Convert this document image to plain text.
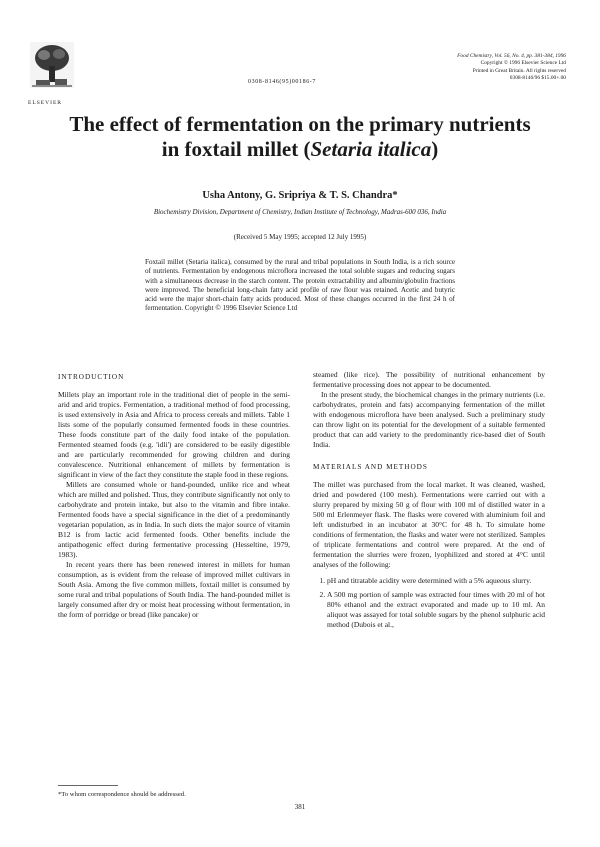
ELSEVIER
0308-8146(95)00186-7
Food Chemistry, Vol. 56, No. 4, pp. 381-384, 1996
Copyright © 1996 Elsevier Science Ltd
Printed in Great Britain. All rights reserved
0308-8146/96 $15.00+.00
The effect of fermentation on the primary nutrients in foxtail millet (Setaria italica)
Usha Antony, G. Sripriya & T. S. Chandra*
Biochemistry Division, Department of Chemistry, Indian Institute of Technology, Madras-600 036, India
(Received 5 May 1995; accepted 12 July 1995)
Foxtail millet (Setaria italica), consumed by the rural and tribal populations in South India, is a rich source of nutrients. Fermentation by endogenous microflora increased the total soluble sugars and reducing sugars with a simultaneous decrease in the starch content. The protein extractability and albumin/globulin fractions were improved. The beneficial long-chain fatty acid profile of raw flour was retained. Acetic and butyric acid were the major short-chain fatty acids produced. Most of these changes occurred in the first 24 h of fermentation. Copyright © 1996 Elsevier Science Ltd
INTRODUCTION

Millets play an important role in the traditional diet of people in the semi-arid and arid tropics. Fermentation, a traditional method of food processing, is used extensively in Asia and Africa to process cereals and millets. Table 1 lists some of the popularly consumed fermented foods in these countries. These foods constitute part of the daily food intake of the population. Fermented steamed foods (e.g. 'idli') are considered to be easily digestible and are particularly recommended for growing children and during convalescence. Nutritional enhancement of millets by fermentation is significant in view of the fact they constitute the staple food in these regions.

Millets are consumed whole or hand-pounded, unlike rice and wheat which are milled and polished. Thus, they contribute significantly not only to carbohydrate and protein intake, but also to the vitamin and fibre intake. Fermented foods have a special significance in the diet of a predominantly vegetarian population, as in India. In such diets the major source of vitamin B12 is from lactic acid fermented foods. Other benefits include the antipathogenic effect during fermentative processing (Hesseltine, 1979, 1983).

In recent years there has been renewed interest in millets for human consumption, as is evident from the release of improved millet cultivars in South Asia. Among the five common millets, foxtail millet is consumed by some rural and tribal populations of South India. The hand-pounded millet is largely consumed after dry or moist heat processing without fermentation, in the form of porridge or bread (like pancake) or

*To whom correspondence should be addressed.

steamed (like rice). The possibility of nutritional enhancement by fermentative processing does not appear to be documented.

In the present study, the biochemical changes in the primary nutrients (i.e. carbohydrates, protein and fats) accompanying fermentation of the millet with endogenous microflora have been analysed. Such a preliminary study can throw light on its potential for the development of a suitable fermented product that can add variety to the predominantly rice-based diet of South India.

MATERIALS AND METHODS

The millet was purchased from the local market. It was cleaned, washed, dried and powdered (100 mesh). Fermentations were carried out with a slurry prepared by mixing 50 g of flour with 100 ml of distilled water in a 500 ml Erlenmeyer flask. The flasks were covered with aluminium foil and left undisturbed in an incubator at 30°C for 48 h. To simulate home conditions of fermentation, the flasks and water were not sterilized. Samples of triplicate fermentations and control were prepared. At the end of fermentation the slurries were frozen, lyophilized and stored at 4°C until analyses of the following:

1. pH and titratable acidity were determined with a 5% aqueous slurry.
2. A 500 mg portion of sample was extracted four times with 20 ml of hot 80% ethanol and the extract evaporated and made up to 10 ml. An aliquot was assayed for total soluble sugars by the phenol sulphuric acid method (Dubois et al.,
381
